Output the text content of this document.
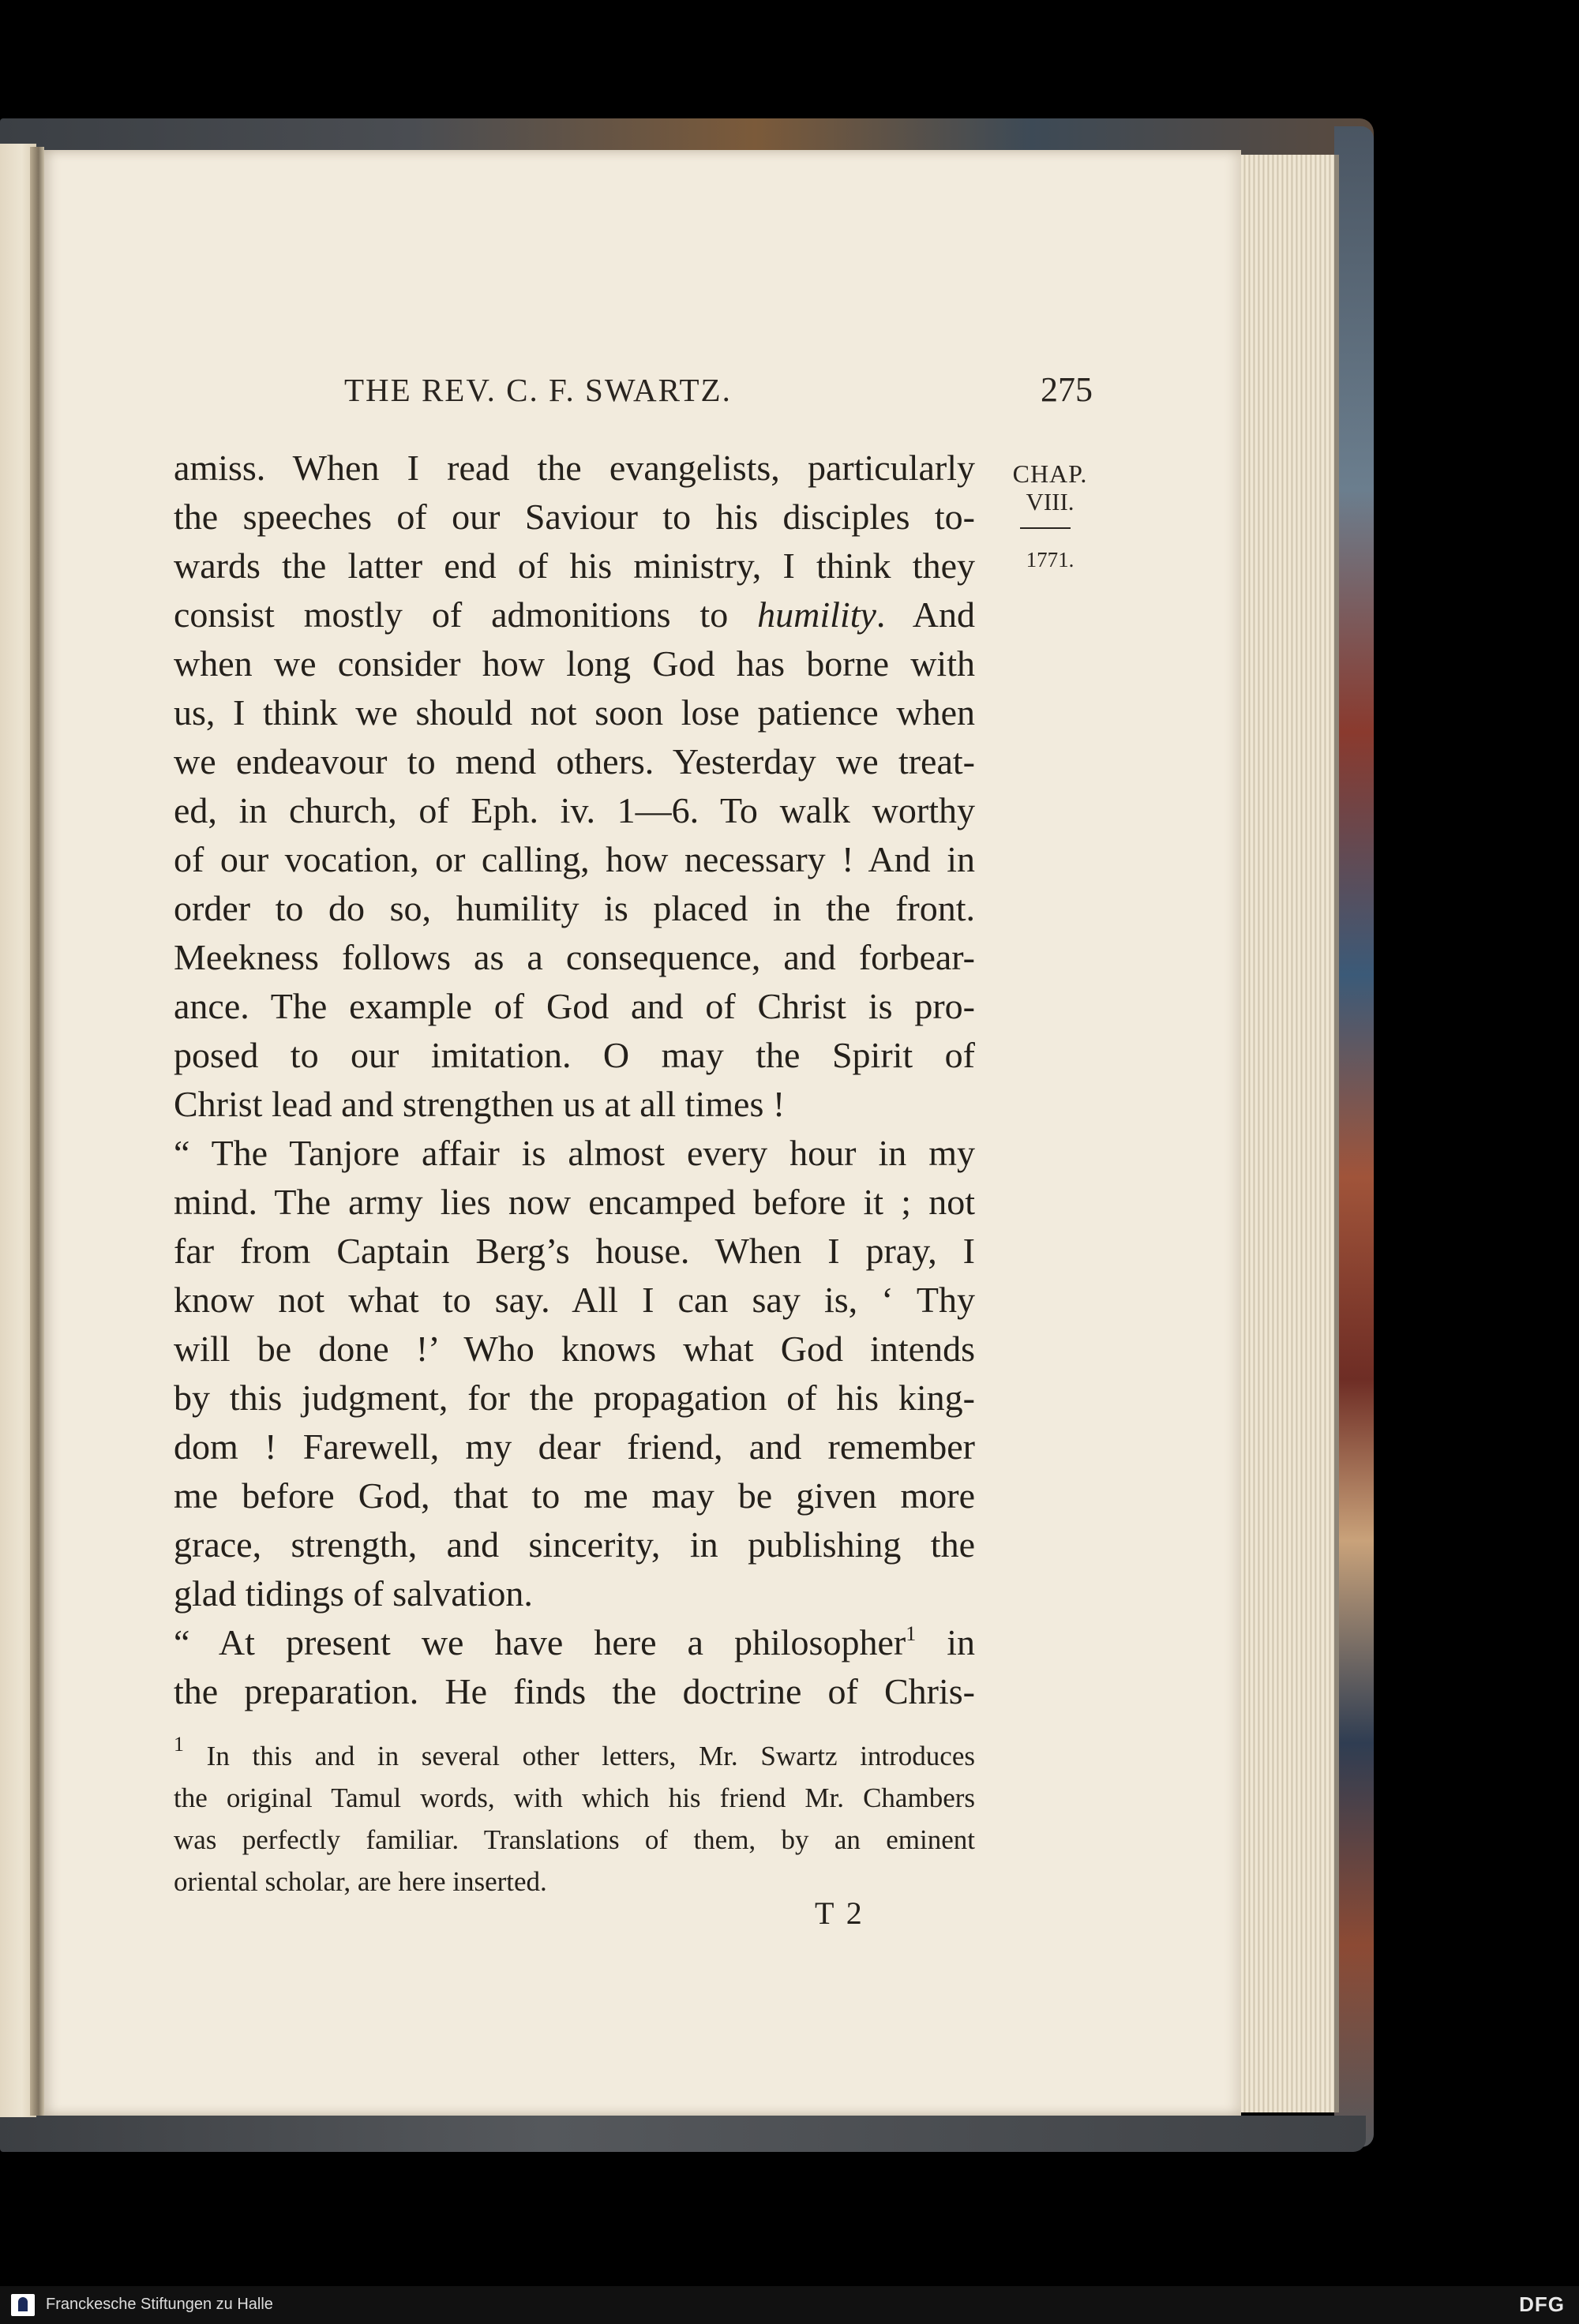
THE REV. C. F. SWARTZ.	275
CHAP.
VIII.
1771.
amiss. When I read the evangelists, particularly
the speeches of our Saviour to his disciples to-
wards the latter end of his ministry, I think they
consist mostly of admonitions to humility. And
when we consider how long God has borne with
us, I think we should not soon lose patience when
we endeavour to mend others. Yesterday we treat-
ed, in church, of Eph. iv. 1—6. To walk worthy
of our vocation, or calling, how necessary ! And in
order to do so, humility is placed in the front.
Meekness follows as a consequence, and forbear-
ance. The example of God and of Christ is pro-
posed to our imitation. O may the Spirit of
Christ lead and strengthen us at all times !
“ The Tanjore affair is almost every hour in my
mind. The army lies now encamped before it ; not
far from Captain Berg’s house. When I pray, I
know not what to say. All I can say is, ‘ Thy
will be done !’ Who knows what God intends
by this judgment, for the propagation of his king-
dom ! Farewell, my dear friend, and remember
me before God, that to me may be given more
grace, strength, and sincerity, in publishing the
glad tidings of salvation.
“ At present we have here a philosopher$^1$ in
the preparation. He finds the doctrine of Chris-
$^1$ In this and in several other letters, Mr. Swartz introduces
the original Tamul words, with which his friend Mr. Chambers
was perfectly familiar. Translations of them, by an eminent
oriental scholar, are here inserted.
T 2
Franckesche Stiftungen zu Halle	DFG
